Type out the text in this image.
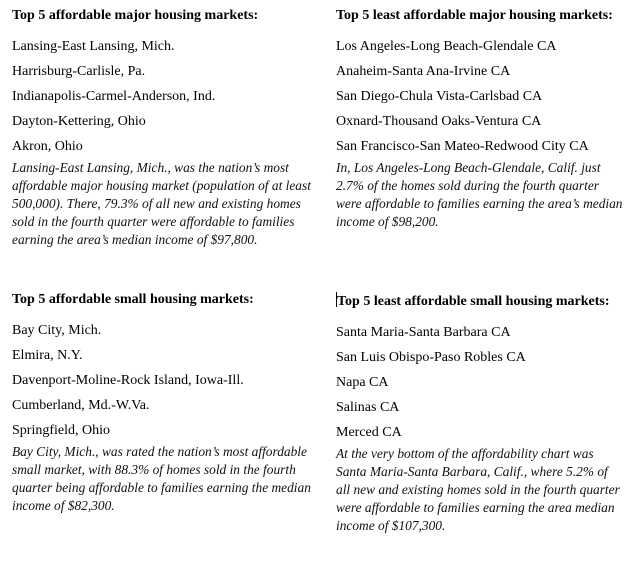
Top 5 affordable major housing markets:

Lansing-East Lansing, Mich.
Harrisburg-Carlisle, Pa.
Indianapolis-Carmel-Anderson, Ind.
Dayton-Kettering, Ohio
Akron, Ohio

Lansing-East Lansing, Mich., was the nation’s most affordable major housing market (population of at least 500,000). There, 79.3% of all new and existing homes sold in the fourth quarter were affordable to families earning the area’s median income of $97,800.

Top 5 least affordable major housing markets:

Los Angeles-Long Beach-Glendale CA
Anaheim-Santa Ana-Irvine CA
San Diego-Chula Vista-Carlsbad CA
Oxnard-Thousand Oaks-Ventura CA
San Francisco-San Mateo-Redwood City CA

In, Los Angeles-Long Beach-Glendale, Calif. just 2.7% of the homes sold during the fourth quarter were affordable to families earning the area’s median income of $98,200.

Top 5 affordable small housing markets:

Bay City, Mich.
Elmira, N.Y.
Davenport-Moline-Rock Island, Iowa-Ill.
Cumberland, Md.-W.Va.
Springfield, Ohio

Bay City, Mich., was rated the nation’s most affordable small market, with 88.3% of homes sold in the fourth quarter being affordable to families earning the median income of $82,300.

Top 5 least affordable small housing markets:

Santa Maria-Santa Barbara CA
San Luis Obispo-Paso Robles CA
Napa CA
Salinas CA
Merced CA

At the very bottom of the affordability chart was Santa Maria-Santa Barbara, Calif., where 5.2% of all new and existing homes sold in the fourth quarter were affordable to families earning the area median income of $107,300.
